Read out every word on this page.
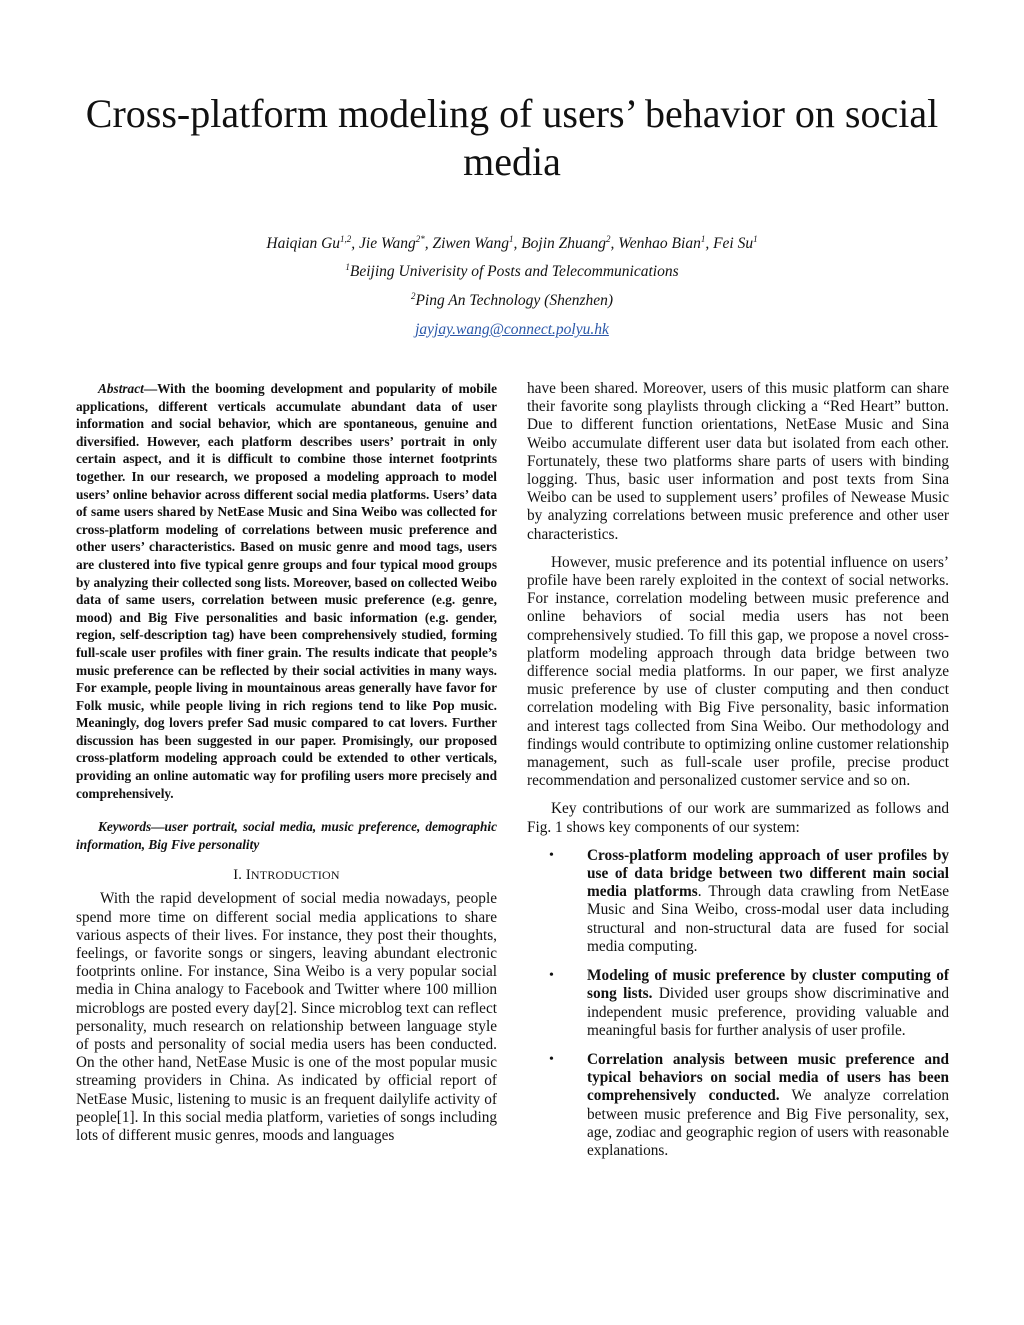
Cross-platform modeling of users’ behavior on social media
Haiqian Gu$^{1,2}$, Jie Wang$^{2*}$, Ziwen Wang$^1$, Bojin Zhuang$^2$, Wenhao Bian$^1$, Fei Su$^1$
$^1$Beijing Univerisity of Posts and Telecommunications
$^2$Ping An Technology (Shenzhen)
jayjay.wang@connect.polyu.hk

Abstract—With the booming development and popularity of mobile applications, different verticals accumulate abundant data of user information and social behavior, which are spontaneous, genuine and diversified. However, each platform describes users’ portrait in only certain aspect, and it is difficult to combine those internet footprints together. In our research, we proposed a modeling approach to model users’ online behavior across different social media platforms. Users’ data of same users shared by NetEase Music and Sina Weibo was collected for cross-platform modeling of correlations between music preference and other users’ characteristics. Based on music genre and mood tags, users are clustered into five typical genre groups and four typical mood groups by analyzing their collected song lists. Moreover, based on collected Weibo data of same users, correlation between music preference (e.g. genre, mood) and Big Five personalities and basic information (e.g. gender, region, self-description tag) have been comprehensively studied, forming full-scale user profiles with finer grain. The results indicate that people’s music preference can be reflected by their social activities in many ways. For example, people living in mountainous areas generally have favor for Folk music, while people living in rich regions tend to like Pop music. Meaningly, dog lovers prefer Sad music compared to cat lovers. Further discussion has been suggested in our paper. Promisingly, our proposed cross-platform modeling approach could be extended to other verticals, providing an online automatic way for profiling users more precisely and comprehensively.

Keywords—user portrait, social media, music preference, demographic information, Big Five personality

I. INTRODUCTION

With the rapid development of social media nowadays, people spend more time on different social media applications to share various aspects of their lives. For instance, they post their thoughts, feelings, or favorite songs or singers, leaving abundant electronic footprints online. For instance, Sina Weibo is a very popular social media in China analogy to Facebook and Twitter where 100 million microblogs are posted every day[2]. Since microblog text can reflect personality, much research on relationship between language style of posts and personality of social media users has been conducted. On the other hand, NetEase Music is one of the most popular music streaming providers in China. As indicated by official report of NetEase Music, listening to music is an frequent dailylife activity of people[1]. In this social media platform, varieties of songs including lots of different music genres, moods and languages

have been shared. Moreover, users of this music platform can share their favorite song playlists through clicking a “Red Heart” button. Due to different function orientations, NetEase Music and Sina Weibo accumulate different user data but isolated from each other. Fortunately, these two platforms share parts of users with binding logging. Thus, basic user information and post texts from Sina Weibo can be used to supplement users’ profiles of Newease Music by analyzing correlations between music preference and other user characteristics.

However, music preference and its potential influence on users’ profile have been rarely exploited in the context of social networks. For instance, correlation modeling between music preference and online behaviors of social media users has not been comprehensively studied. To fill this gap, we propose a novel cross-platform modeling approach through data bridge between two difference social media platforms. In our paper, we first analyze music preference by use of cluster computing and then conduct correlation modeling with Big Five personality, basic information and interest tags collected from Sina Weibo. Our methodology and findings would contribute to optimizing online customer relationship management, such as full-scale user profile, precise product recommendation and personalized customer service and so on.

Key contributions of our work are summarized as follows and Fig. 1 shows key components of our system:

• Cross-platform modeling approach of user profiles by use of data bridge between two different main social media platforms. Through data crawling from NetEase Music and Sina Weibo, cross-modal user data including structural and non-structural data are fused for social media computing.
• Modeling of music preference by cluster computing of song lists. Divided user groups show discriminative and independent music preference, providing valuable and meaningful basis for further analysis of user profile.
• Correlation analysis between music preference and typical behaviors on social media of users has been comprehensively conducted. We analyze correlation between music preference and Big Five personality, sex, age, zodiac and geographic region of users with reasonable explanations.
